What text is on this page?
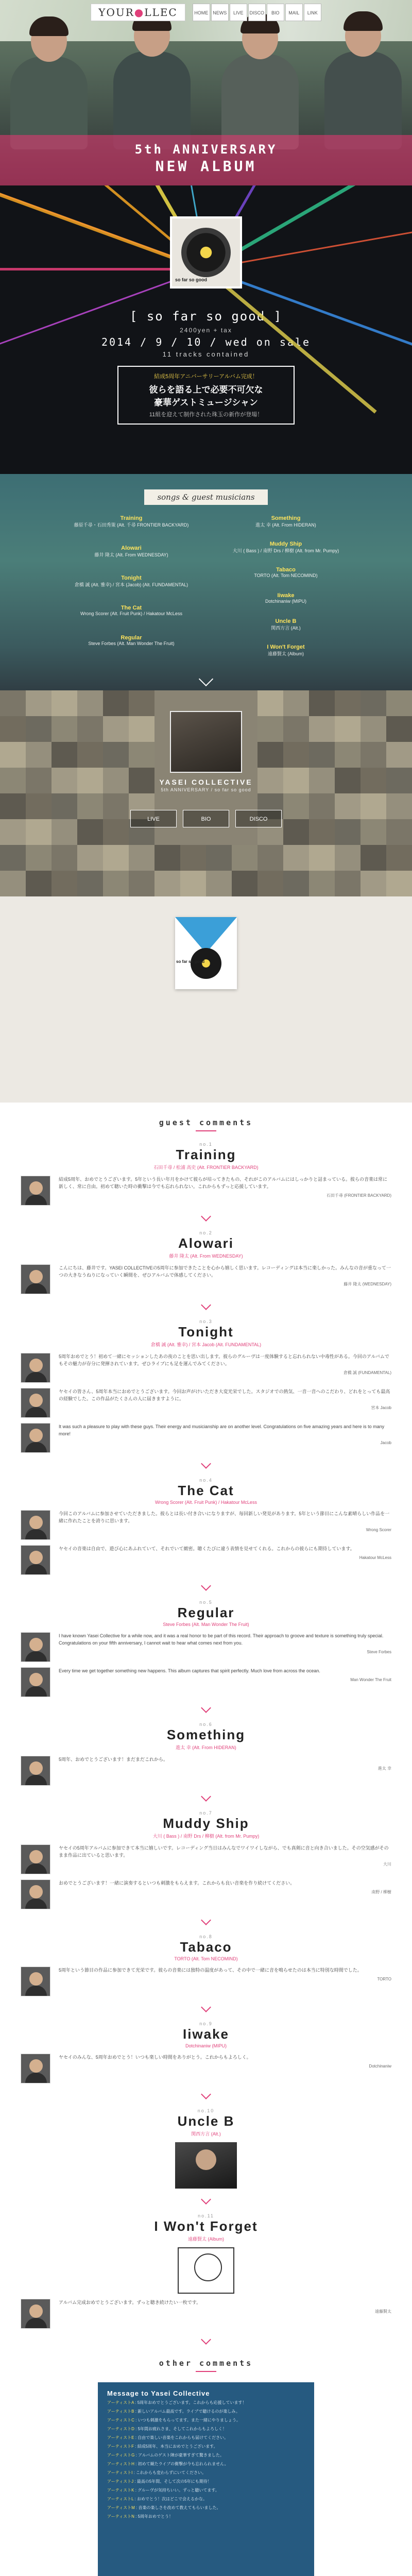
YOUR●LLEC	HOME	NEWS	LIVE	DISCO	BIO	MAIL	LINK
5th ANNIVERSARY
NEW ALBUM
so far so good
[ so far so good ]
2400yen + tax
2014 / 9 / 10 / wed on sale
11 tracks contained
結成5周年アニバーサリーアルバム完成！
彼らを語る上で必要不可欠な
豪華ゲストミュージシャン
11組を迎えて制作された珠玉の新作が登場！
songs & guest musicians
Training
藤原千尋・石田秀策 (Alt. 千尋 FRONTIER BACKYARD)
Alowari
藤井 隆太 (Alt. From WEDNESDAY)
Tonight
倉橋 誠 (Alt. 雅幸) / 宮本 (Jacob) (Alt. FUNDAMENTAL)
The Cat
Wrong Scorer (Alt. Fruit Punk) / Hakatour McLess
Regular
Steve Forbes (Alt. Man Wonder The Fruit)
Something
進太 幸 (Alt. From HIDERAN)
Muddy Ship
大川 ( Bass ) / 南野 Drs / 柳樹 (Alt. from Mr. Pumpy)
Tabaco
TORTO (Alt. Tom NECOMIND)
Iiwake
Dotchinaniw (MIPU)
Uncle B
関西方言 (Alt.)
I Won't Forget
遠藤賢太 (Album)
YASEI COLLECTIVE
5th ANNIVERSARY / so far so good
LIVE	BIO	DISCO
so far so good
guest comments
no.1
Training
石田千尋 / 松浦 高史 (Alt. FRONTIER BACKYARD)
結成5周年、おめでとうございます。5年という長い年月をかけて彼らが培ってきたもの、それがこのアルバムにはしっかりと詰まっている。彼らの音楽は常に新しく、常に自由。初めて聴いた時の衝撃は今でも忘れられない。これからもずっと応援しています。
石田千尋 (FRONTIER BACKYARD)
no.2
Alowari
藤井 隆太 (Alt. From WEDNESDAY)
こんにちは、藤井です。YASEI COLLECTIVEの5周年に参加できたことを心から嬉しく思います。レコーディングは本当に楽しかった。みんなの音が重なって一つの大きなうねりになっていく瞬間を、ぜひアルバムで体感してください。
藤井 隆太 (WEDNESDAY)
no.3
Tonight
倉橋 誠 (Alt. 雅幸) / 宮本 Jacob (Alt. FUNDAMENTAL)
5周年おめでとう！初めて一緒にセッションしたあの夜のことを思い出します。彼らのグルーヴは一度体験すると忘れられない中毒性がある。今回のアルバムでもその魅力が存分に発揮されています。ぜひライブにも足を運んでみてください。
倉橋 誠 (FUNDAMENTAL)
ヤセイの皆さん、5周年本当におめでとうございます。今回お声がけいただき大変光栄でした。スタジオでの熱気、一音一音へのこだわり、どれをとっても最高の経験でした。この作品がたくさんの人に届きますように。
宮本 Jacob
It was such a pleasure to play with these guys. Their energy and musicianship are on another level. Congratulations on five amazing years and here is to many more!
Jacob
no.4
The Cat
Wrong Scorer (Alt. Fruit Punk) / Hakatour McLess
今回このアルバムに参加させていただきました。彼らとは長い付き合いになりますが、毎回新しい発見があります。5年という節目にこんな素晴らしい作品を一緒に作れたことを誇りに思います。
Wrong Scorer
ヤセイの音楽は自由で、遊び心にあふれていて、それでいて緻密。聴くたびに違う表情を見せてくれる。これからの彼らにも期待しています。
Hakatour McLess
no.5
Regular
Steve Forbes (Alt. Man Wonder The Fruit)
I have known Yasei Collective for a while now, and it was a real honor to be part of this record. Their approach to groove and texture is something truly special. Congratulations on your fifth anniversary, I cannot wait to hear what comes next from you.
Steve Forbes
Every time we get together something new happens. This album captures that spirit perfectly. Much love from across the ocean.
Man Wonder The Fruit
no.6
Something
進太 幸 (Alt. From HIDERAN)
5周年、おめでとうございます！まだまだこれから。
進太 幸
no.7
Muddy Ship
大川 ( Bass ) / 南野 Drs / 柳樹 (Alt. from Mr. Pumpy)
ヤセイの5周年アルバムに参加できて本当に嬉しいです。レコーディング当日はみんなでワイワイしながら、でも真剣に音と向き合いました。その空気感がそのまま作品に出ていると思います。
大川
おめでとうございます！一緒に演奏するといつも刺激をもらえます。これからも良い音楽を作り続けてください。
南野 / 柳樹
no.8
Tabaco
TORTO (Alt. Tom NECOMIND)
5周年という節目の作品に参加できて光栄です。彼らの音楽には独特の温度があって、その中で一緒に音を鳴らせたのは本当に特別な時間でした。
TORTO
no.9
Iiwake
Dotchinaniw (MIPU)
ヤセイのみんな、5周年おめでとう！いつも楽しい時間をありがとう。これからもよろしく。
Dotchinaniw
no.10
Uncle B
関西方言 (Alt.)
no.11
I Won't Forget
遠藤賢太 (Album)
アルバム完成おめでとうございます。ずっと聴き続けたい一枚です。
遠藤賢太
other comments
Message to Yasei Collective
アーティストA : 5周年おめでとうございます。これからも応援しています！
アーティストB : 新しいアルバム最高です。ライブで聴けるのが楽しみ。
アーティストC : いつも刺激をもらってます。また一緒にやりましょう。
アーティストD : 5年間お疲れさま、そしてこれからもよろしく！
アーティストE : 自由で楽しい音楽をこれからも届けてください。
アーティストF : 結成5周年、本当におめでとうございます。
アーティストG : アルバムのゲスト陣が豪華すぎて驚きました。
アーティストH : 初めて観たライブの衝撃が今も忘れられません。
アーティストI : これからも変わらずにいてください。
アーティストJ : 最高の5年間、そして次の5年にも期待！
アーティストK : グルーヴが気持ちいい。ずっと聴いてます。
アーティストL : おめでとう！次はどこで会えるかな。
アーティストM : 音楽の楽しさを改めて教えてもらいました。
アーティストN : 5周年おめでとう！
